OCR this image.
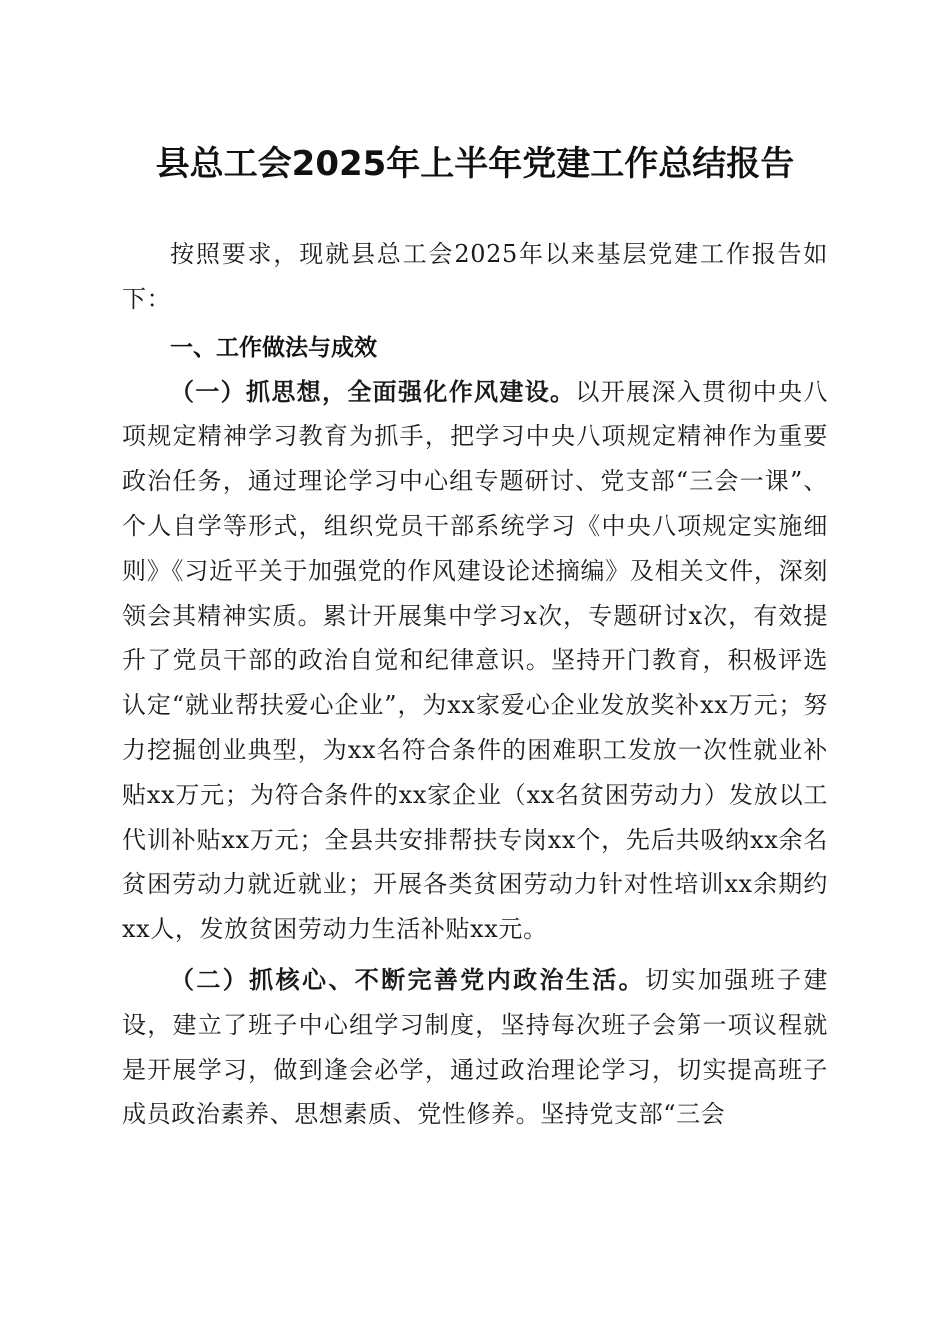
县总工会2025年上半年党建工作总结报告

按照要求，现就县总工会2025年以来基层党建工作报告如下：

一、工作做法与成效

（一）抓思想，全面强化作风建设。以开展深入贯彻中央八项规定精神学习教育为抓手，把学习中央八项规定精神作为重要政治任务，通过理论学习中心组专题研讨、党支部“三会一课”、个人自学等形式，组织党员干部系统学习《中央八项规定实施细则》《习近平关于加强党的作风建设论述摘编》及相关文件，深刻领会其精神实质。累计开展集中学习x次，专题研讨x次，有效提升了党员干部的政治自觉和纪律意识。坚持开门教育，积极评选认定“就业帮扶爱心企业”，为xx家爱心企业发放奖补xx万元；努力挖掘创业典型，为xx名符合条件的困难职工发放一次性就业补贴xx万元；为符合条件的xx家企业（xx名贫困劳动力）发放以工代训补贴xx万元；全县共安排帮扶专岗xx个，先后共吸纳xx余名贫困劳动力就近就业；开展各类贫困劳动力针对性培训xx余期约xx人，发放贫困劳动力生活补贴xx元。

（二）抓核心、不断完善党内政治生活。切实加强班子建设，建立了班子中心组学习制度，坚持每次班子会第一项议程就是开展学习，做到逢会必学，通过政治理论学习，切实提高班子成员政治素养、思想素质、党性修养。坚持党支部“三会
